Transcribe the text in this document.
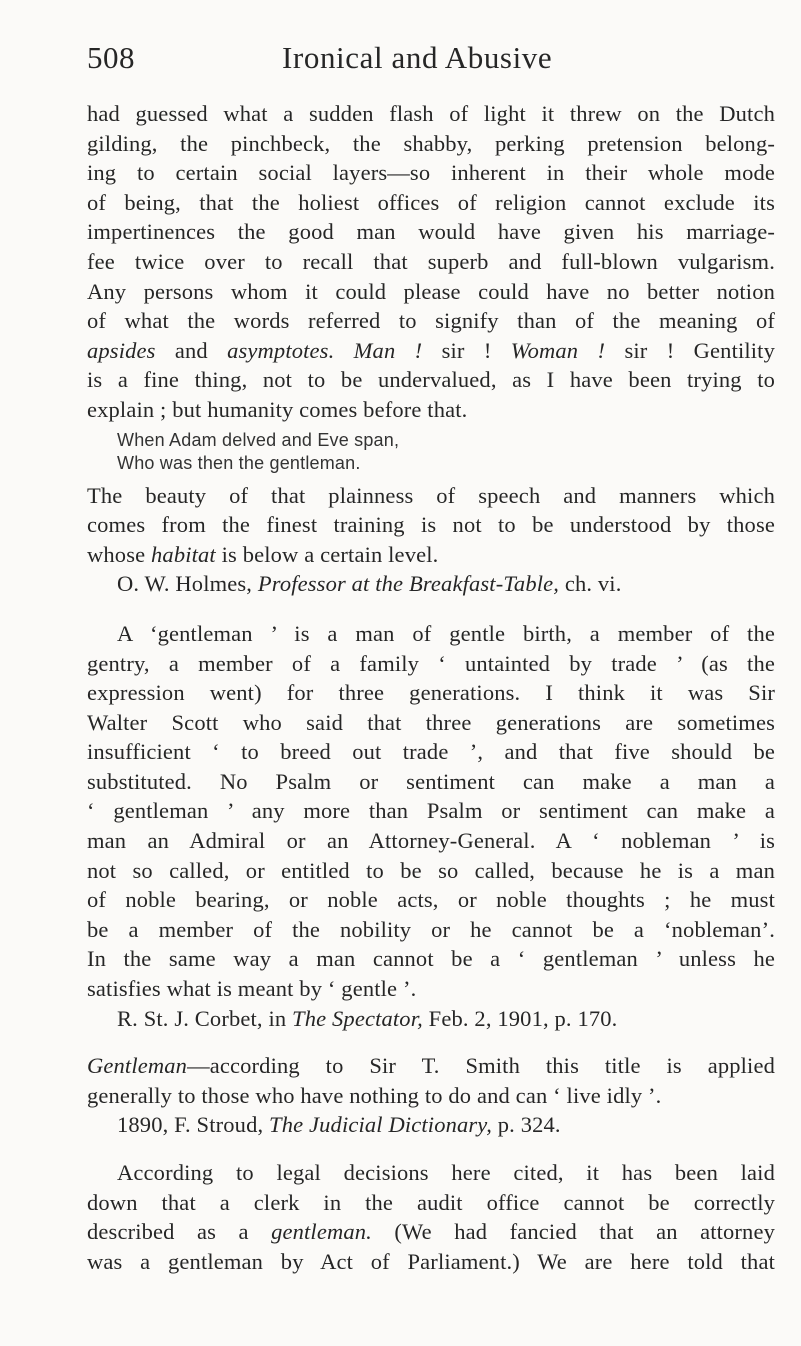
508	Ironical and Abusive
had guessed what a sudden flash of light it threw on the Dutch
gilding, the pinchbeck, the shabby, perking pretension belong-
ing to certain social layers—so inherent in their whole mode
of being, that the holiest offices of religion cannot exclude its
impertinences the good man would have given his marriage-
fee twice over to recall that superb and full-blown vulgarism.
Any persons whom it could please could have no better notion
of what the words referred to signify than of the meaning of
apsides and asymptotes. Man ! sir ! Woman ! sir ! Gentility
is a fine thing, not to be undervalued, as I have been trying to
explain ; but humanity comes before that.
When Adam delved and Eve span,
Who was then the gentleman.
The beauty of that plainness of speech and manners which
comes from the finest training is not to be understood by those
whose habitat is below a certain level.
O. W. Holmes, Professor at the Breakfast-Table, ch. vi.
A ‘gentleman ’ is a man of gentle birth, a member of the
gentry, a member of a family ‘ untainted by trade ’ (as the
expression went) for three generations. I think it was Sir
Walter Scott who said that three generations are sometimes
insufficient ‘ to breed out trade ’, and that five should be
substituted. No Psalm or sentiment can make a man a
‘ gentleman ’ any more than Psalm or sentiment can make a
man an Admiral or an Attorney-General. A ‘ nobleman ’ is
not so called, or entitled to be so called, because he is a man
of noble bearing, or noble acts, or noble thoughts ; he must
be a member of the nobility or he cannot be a ‘nobleman’.
In the same way a man cannot be a ‘ gentleman ’ unless he
satisfies what is meant by ‘ gentle ’.
R. St. J. Corbet, in The Spectator, Feb. 2, 1901, p. 170.
Gentleman—according to Sir T. Smith this title is applied
generally to those who have nothing to do and can ‘ live idly ’.
1890, F. Stroud, The Judicial Dictionary, p. 324.
According to legal decisions here cited, it has been laid
down that a clerk in the audit office cannot be correctly
described as a gentleman. (We had fancied that an attorney
was a gentleman by Act of Parliament.) We are here told that
